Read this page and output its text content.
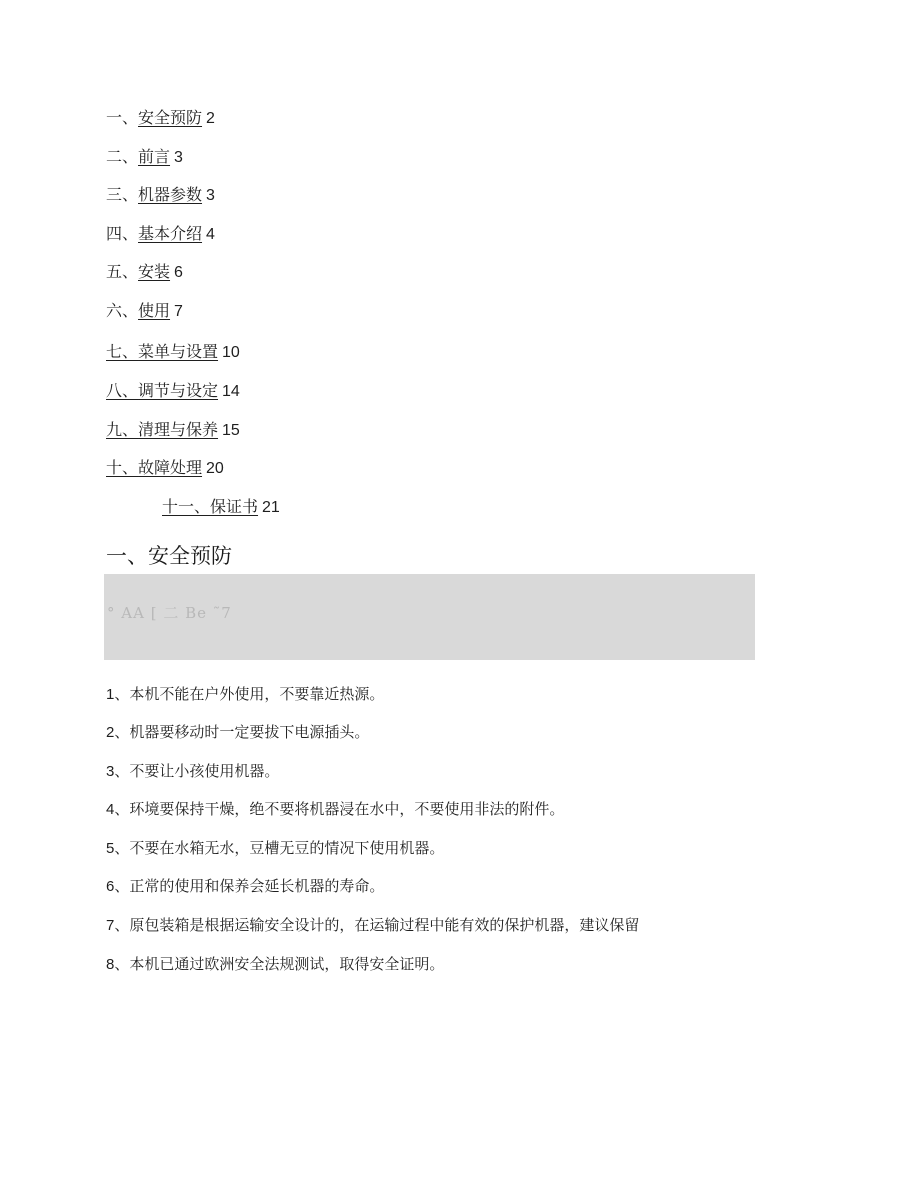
一、安全预防 2
二、前言 3
三、机器参数 3
四、基本介绍 4
五、安装 6
六、使用 7
七、菜单与设置 10
八、调节与设定 14
九、清理与保养 15
十、故障处理 20
十一、保证书 21
一、安全预防
° AA [ 二 Be ˜7
1、本机不能在户外使用，不要靠近热源。
2、机器要移动时一定要拔下电源插头。
3、不要让小孩使用机器。
4、环境要保持干燥，绝不要将机器浸在水中，不要使用非法的附件。
5、不要在水箱无水，豆槽无豆的情况下使用机器。
6、正常的使用和保养会延长机器的寿命。
7、原包装箱是根据运输安全设计的，在运输过程中能有效的保护机器，建议保留
8、本机已通过欧洲安全法规测试，取得安全证明。
